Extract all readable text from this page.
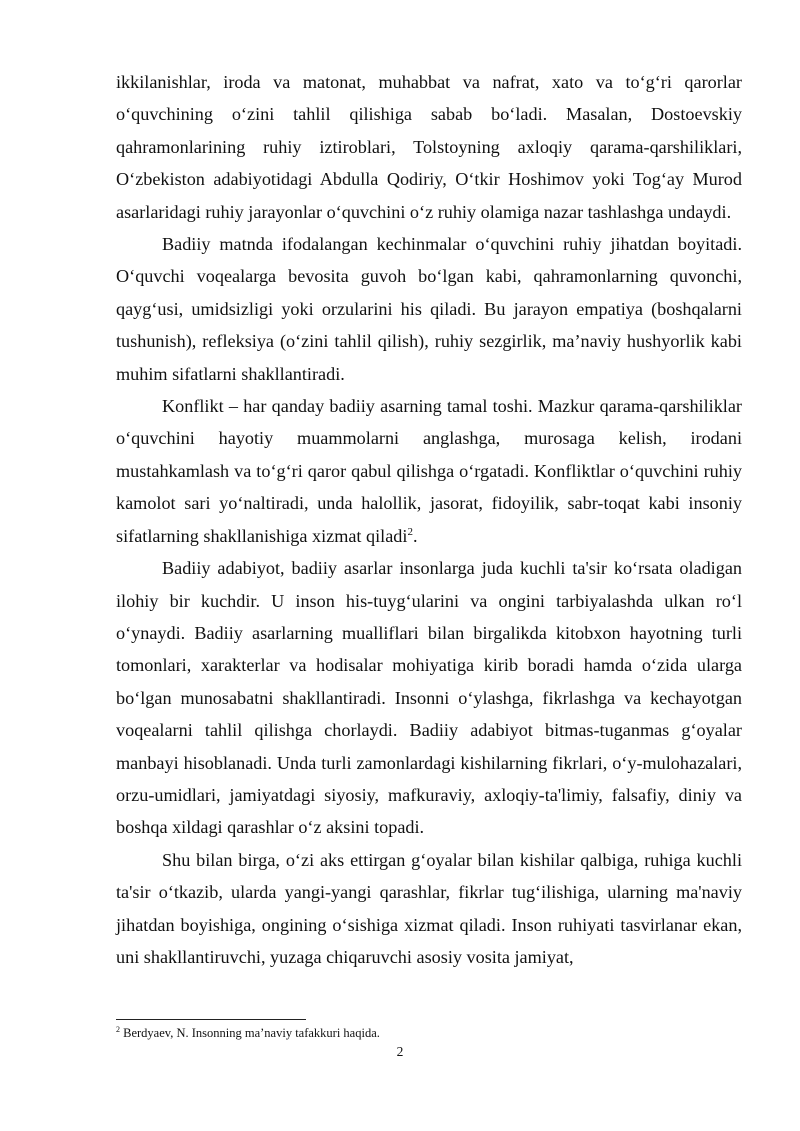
ikkilanishlar, iroda va matonat, muhabbat va nafrat, xato va to‘g‘ri qarorlar o‘quvchining o‘zini tahlil qilishiga sabab bo‘ladi. Masalan, Dostoevskiy qahramonlarining ruhiy iztiroblari, Tolstoyning axloqiy qarama-qarshiliklari, O‘zbekiston adabiyotidagi Abdulla Qodiriy, O‘tkir Hoshimov yoki Tog‘ay Murod asarlaridagi ruhiy jarayonlar o‘quvchini o‘z ruhiy olamiga nazar tashlashga undaydi.

Badiiy matnda ifodalangan kechinmalar o‘quvchini ruhiy jihatdan boyitadi. O‘quvchi voqealarga bevosita guvoh bo‘lgan kabi, qahramonlarning quvonchi, qayg‘usi, umidsizligi yoki orzularini his qiladi. Bu jarayon empatiya (boshqalarni tushunish), refleksiya (o‘zini tahlil qilish), ruhiy sezgirlik, ma’naviy hushyorlik kabi muhim sifatlarni shakllantiradi.

Konflikt – har qanday badiiy asarning tamal toshi. Mazkur qarama-qarshiliklar o‘quvchini hayotiy muammolarni anglashga, murosaga kelish, irodani mustahkamlash va to‘g‘ri qaror qabul qilishga o‘rgatadi. Konfliktlar o‘quvchini ruhiy kamolot sari yo‘naltiradi, unda halollik, jasorat, fidoyilik, sabr-toqat kabi insoniy sifatlarning shakllanishiga xizmat qiladi$^2$.

Badiiy adabiyot, badiiy asarlar insonlarga juda kuchli ta'sir ko‘rsata oladigan ilohiy bir kuchdir. U inson his-tuyg‘ularini va ongini tarbiyalashda ulkan ro‘l o‘ynaydi. Badiiy asarlarning mualliflari bilan birgalikda kitobxon hayotning turli tomonlari, xarakterlar va hodisalar mohiyatiga kirib boradi hamda o‘zida ularga bo‘lgan munosabatni shakllantiradi. Insonni o‘ylashga, fikrlashga va kechayotgan voqealarni tahlil qilishga chorlaydi. Badiiy adabiyot bitmas-tuganmas g‘oyalar manbayi hisoblanadi. Unda turli zamonlardagi kishilarning fikrlari, o‘y-mulohazalari, orzu-umidlari, jamiyatdagi siyosiy, mafkuraviy, axloqiy-ta'limiy, falsafiy, diniy va boshqa xildagi qarashlar o‘z aksini topadi.

Shu bilan birga, o‘zi aks ettirgan g‘oyalar bilan kishilar qalbiga, ruhiga kuchli ta'sir o‘tkazib, ularda yangi-yangi qarashlar, fikrlar tug‘ilishiga, ularning ma'naviy jihatdan boyishiga, ongining o‘sishiga xizmat qiladi. Inson ruhiyati tasvirlanar ekan, uni shakllantiruvchi, yuzaga chiqaruvchi asosiy vosita jamiyat,

$^2$ Berdyaev, N. Insonning ma’naviy tafakkuri haqida.

2
